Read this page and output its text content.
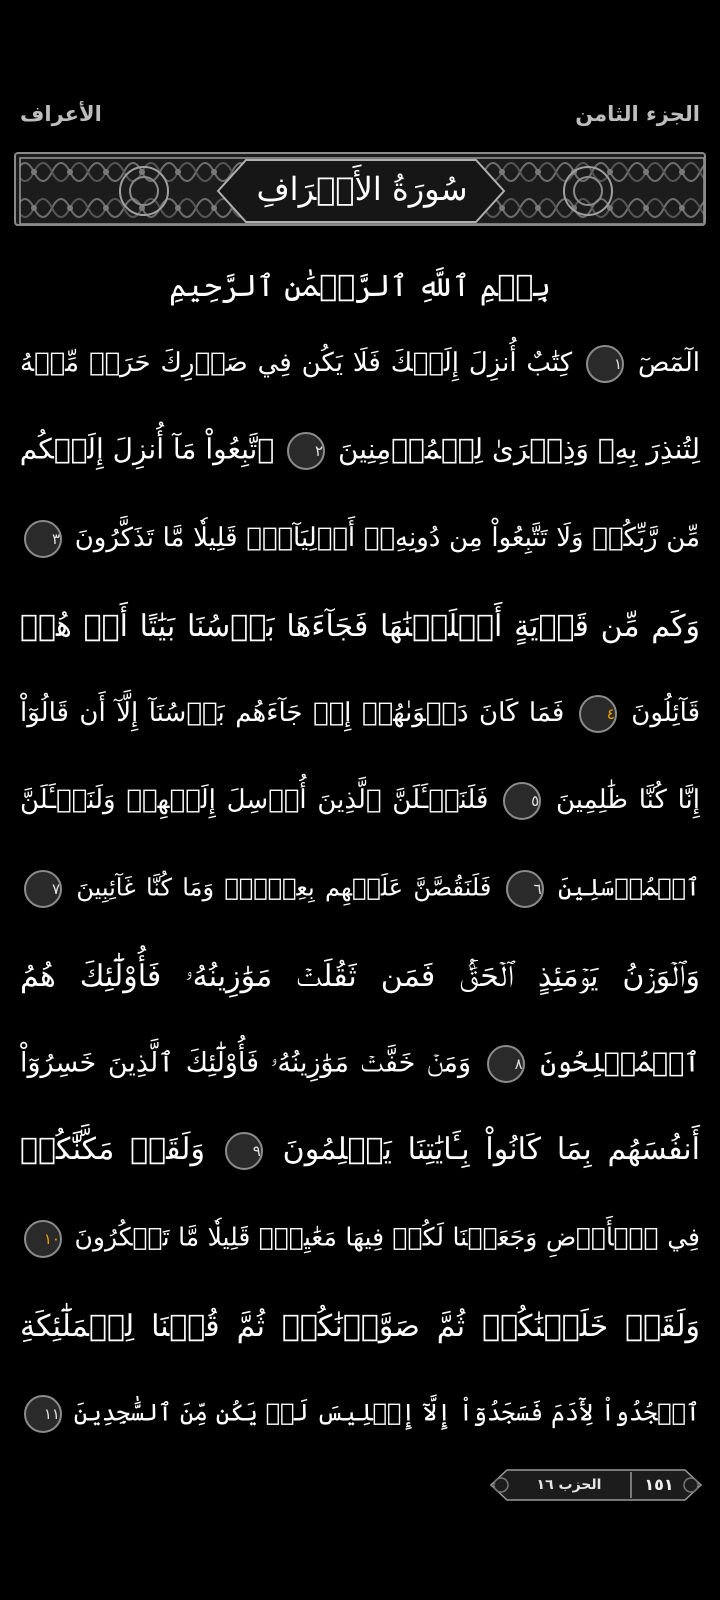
الجزء الثامن
الأعراف
سُورَةُ الأَعۡرَافِ
بِسۡمِ ٱللَّهِ ٱلرَّحۡمَٰنِ ٱلرَّحِيمِ
الٓمٓصٓ ١ كِتَٰبٌ أُنزِلَ إِلَيۡكَ فَلَا يَكُن فِي صَدۡرِكَ حَرَجٞ مِّنۡهُ
لِتُنذِرَ بِهِۦ وَذِكۡرَىٰ لِلۡمُؤۡمِنِينَ ٢ ٱتَّبِعُواْ مَآ أُنزِلَ إِلَيۡكُم
مِّن رَّبِّكُمۡ وَلَا تَتَّبِعُواْ مِن دُونِهِۦٓ أَوۡلِيَآءَۗ قَلِيلٗا مَّا تَذَكَّرُونَ ٣
وَكَم مِّن قَرۡيَةٍ أَهۡلَكۡنَٰهَا فَجَآءَهَا بَأۡسُنَا بَيَٰتًا أَوۡ هُمۡ
قَآئِلُونَ ٤ فَمَا كَانَ دَعۡوَىٰهُمۡ إِذۡ جَآءَهُم بَأۡسُنَآ إِلَّآ أَن قَالُوٓاْ
إِنَّا كُنَّا ظَٰلِمِينَ ٥ فَلَنَسۡـَٔلَنَّ ٱلَّذِينَ أُرۡسِلَ إِلَيۡهِمۡ وَلَنَسۡـَٔلَنَّ
ٱلۡمُرۡسَلِينَ ٦ فَلَنَقُصَّنَّ عَلَيۡهِم بِعِلۡمٖۖ وَمَا كُنَّا غَآئِبِينَ ٧
وَٱلۡوَزۡنُ يَوۡمَئِذٍ ٱلۡحَقُّۚ فَمَن ثَقُلَتۡ مَوَٰزِينُهُۥ فَأُوْلَٰٓئِكَ هُمُ
ٱلۡمُفۡلِحُونَ ٨ وَمَنۡ خَفَّتۡ مَوَٰزِينُهُۥ فَأُوْلَٰٓئِكَ ٱلَّذِينَ خَسِرُوٓاْ
أَنفُسَهُم بِمَا كَانُواْ بِـَٔايَٰتِنَا يَظۡلِمُونَ ٩ وَلَقَدۡ مَكَّنَّٰكُمۡ
فِي ٱلۡأَرۡضِ وَجَعَلۡنَا لَكُمۡ فِيهَا مَعَٰيِشَۗ قَلِيلٗا مَّا تَشۡكُرُونَ ١٠
وَلَقَدۡ خَلَقۡنَٰكُمۡ ثُمَّ صَوَّرۡنَٰكُمۡ ثُمَّ قُلۡنَا لِلۡمَلَٰٓئِكَةِ
ٱسۡجُدُواْ لِأٓدَمَ فَسَجَدُوٓاْ إِلَّآ إِبۡلِيسَ لَمۡ يَكُن مِّنَ ٱلسَّٰجِدِينَ ١١
الحزب ١٦	١٥١
